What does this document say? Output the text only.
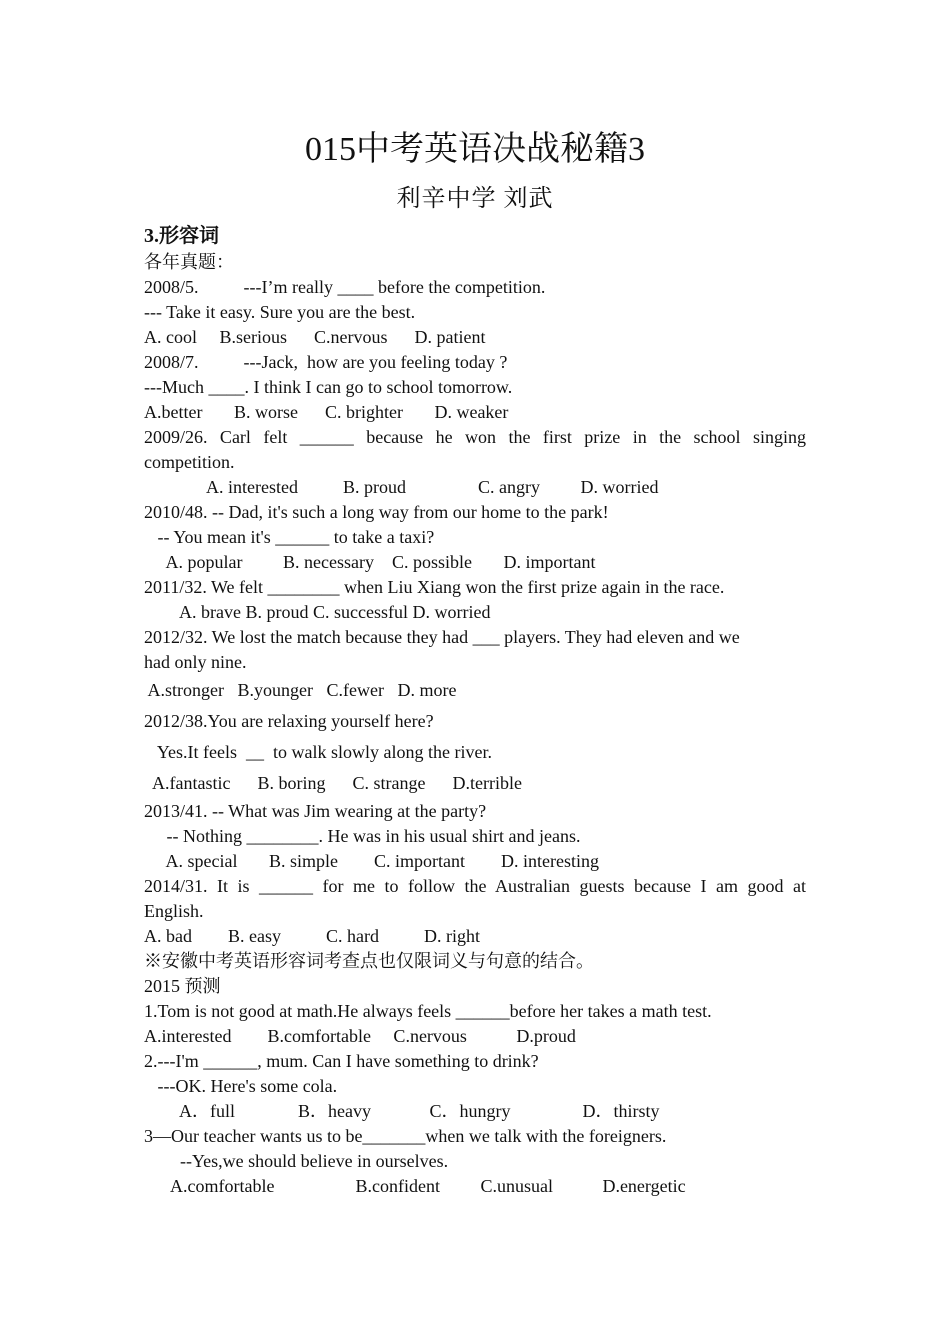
015中考英语决战秘籍3
利辛中学 刘武
3.形容词
各年真题：
2008/5.          ---I’m really ____ before the competition.
--- Take it easy. Sure you are the best.
A. cool     B.serious      C.nervous      D. patient
2008/7.          ---Jack,  how are you feeling today ?
---Much ____. I think I can go to school tomorrow.
A.better       B. worse      C. brighter       D. weaker
2009/26. Carl felt ______ because he won the first prize in the school singing
competition.
A. interested          B. proud                C. angry         D. worried
2010/48. -- Dad, it's such a long way from our home to the park!
-- You mean it's ______ to take a taxi?
A. popular         B. necessary    C. possible       D. important
2011/32. We felt ________ when Liu Xiang won the first prize again in the race.
A. brave B. proud C. successful D. worried
2012/32. We lost the match because they had ___ players. They had eleven and we
had only nine.
A.stronger   B.younger   C.fewer   D. more
2012/38.You are relaxing yourself here?
Yes.It feels  __  to walk slowly along the river.
A.fantastic      B. boring      C. strange      D.terrible
2013/41. -- What was Jim wearing at the party?
-- Nothing ________. He was in his usual shirt and jeans.
A. special       B. simple        C. important        D. interesting
2014/31. It is ______ for me to follow the Australian guests because I am good at
English.
A. bad        B. easy          C. hard          D. right
※安徽中考英语形容词考查点也仅限词义与句意的结合。
2015 预测
1.Tom is not good at math.He always feels ______before her takes a math test.
A.interested        B.comfortable     C.nervous           D.proud
2.---I'm ______, mum. Can I have something to drink?
---OK. Here's some cola.
A．full              B．heavy             C．hungry                D．thirsty
3—Our teacher wants us to be_______when we talk with the foreigners.
--Yes,we should believe in ourselves.
A.comfortable                  B.confident         C.unusual           D.energetic
